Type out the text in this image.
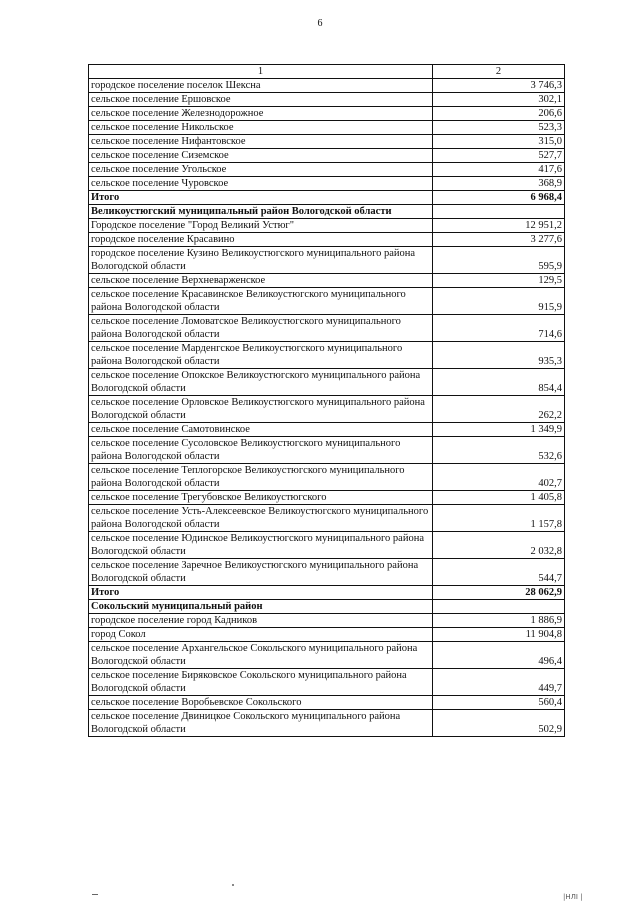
6
1	2
городское поселение поселок Шексна	3 746,3
сельское поселение Ершовское	302,1
сельское поселение Железнодорожное	206,6
сельское поселение Никольское	523,3
сельское поселение Нифантовское	315,0
сельское поселение Сиземское	527,7
сельское поселение Угольское	417,6
сельское поселение Чуровское	368,9
Итого	6 968,4
Великоустюгский муниципальный район Вологодской области	
Городское поселение "Город Великий Устюг"	12 951,2
городское поселение Красавино	3 277,6
городское поселение Кузино Великоустюгского муниципального района Вологодской области	595,9
сельское поселение Верхневарженское	129,5
сельское поселение Красавинское Великоустюгского муниципального района Вологодской области	915,9
сельское поселение Ломоватское Великоустюгского муниципального района Вологодской области	714,6
сельское поселение Марденгское Великоустюгского муниципального района Вологодской области	935,3
сельское поселение Опокское Великоустюгского муниципального района Вологодской области	854,4
сельское поселение Орловское Великоустюгского муниципального района Вологодской области	262,2
сельское поселение Самотовинское	1 349,9
сельское поселение Сусоловское Великоустюгского муниципального района Вологодской области	532,6
сельское поселение Теплогорское Великоустюгского муниципального района Вологодской области	402,7
сельское поселение Трегубовское Великоустюгского	1 405,8
сельское поселение Усть-Алексеевское Великоустюгского муниципального района Вологодской области	1 157,8
сельское поселение Юдинское Великоустюгского муниципального района Вологодской области	2 032,8
сельское поселение Заречное Великоустюгского муниципального района Вологодской области	544,7
Итого	28 062,9
Сокольский муниципальный район	
городское поселение город Кадников	1 886,9
город Сокол	11 904,8
сельское поселение Архангельское Сокольского муниципального района Вологодской области	496,4
сельское поселение Биряковское Сокольского муниципального района Вологодской области	449,7
сельское поселение Воробьевское Сокольского	560,4
сельское поселение Двиницкое Сокольского муниципального района Вологодской области	502,9
|НЛI |
